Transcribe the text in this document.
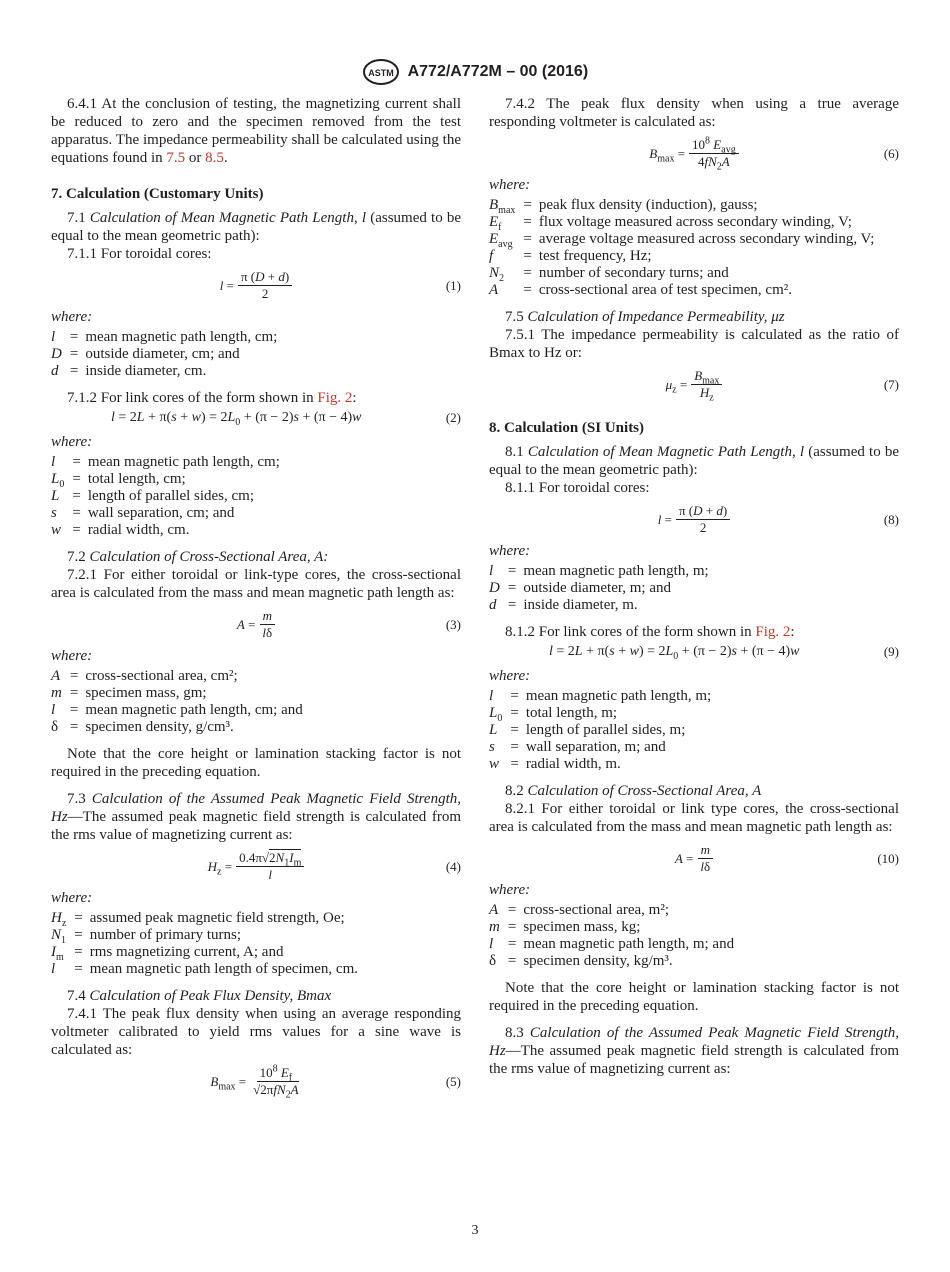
ASTM A772/A772M – 00 (2016)

6.4.1 At the conclusion of testing, the magnetizing current shall be reduced to zero and the specimen removed from the test apparatus. The impedance permeability shall be calculated using the equations found in 7.5 or 8.5.

7. Calculation (Customary Units)

7.1 Calculation of Mean Magnetic Path Length, l (assumed to be equal to the mean geometric path):

7.1.1 For toroidal cores:

$l = \frac{\pi (D + d)}{2}$	(1)
where:
l	=	mean magnetic path length, cm;
D	=	outside diameter, cm; and
d	=	inside diameter, cm.

7.1.2 For link cores of the form shown in Fig. 2:

$l = 2L + \pi(s + w) = 2L_0 + (\pi - 2)s + (\pi - 4)w$	(2)
where:
l	=	mean magnetic path length, cm;
$L_0$	=	total length, cm;
L	=	length of parallel sides, cm;
s	=	wall separation, cm; and
w	=	radial width, cm.

7.2 Calculation of Cross-Sectional Area, A:

7.2.1 For either toroidal or link-type cores, the cross-sectional area is calculated from the mass and mean magnetic path length as:

$A = \frac{m}{l\delta}$	(3)
where:
A	=	cross-sectional area, cm²;
m	=	specimen mass, gm;
l	=	mean magnetic path length, cm; and
δ	=	specimen density, g/cm³.

Note that the core height or lamination stacking factor is not required in the preceding equation.

7.3 Calculation of the Assumed Peak Magnetic Field Strength, Hz—The assumed peak magnetic field strength is calculated from the rms value of magnetizing current as:

$H_z = \frac{0.4\pi√2N_1I_m}{l}$	(4)
where:
$H_z$	=	assumed peak magnetic field strength, Oe;
$N_1$	=	number of primary turns;
$I_m$	=	rms magnetizing current, A; and
l	=	mean magnetic path length of specimen, cm.

7.4 Calculation of Peak Flux Density, Bmax

7.4.1 The peak flux density when using an average responding voltmeter calibrated to yield rms values for a sine wave is calculated as:

$B_{max} = \frac{10^8 E_f}{√2\pi fN_2A}$	(5)

7.4.2 The peak flux density when using a true average responding voltmeter is calculated as:

$B_{max} = \frac{10^8 E_{avg}}{4fN_2A}$	(6)
where:
$B_{max}$	=	peak flux density (induction), gauss;
$E_f$	=	flux voltage measured across secondary winding, V;
$E_{avg}$	=	average voltage measured across secondary winding, V;
f	=	test frequency, Hz;
$N_2$	=	number of secondary turns; and
A	=	cross-sectional area of test specimen, cm².

7.5 Calculation of Impedance Permeability, μz

7.5.1 The impedance permeability is calculated as the ratio of Bmax to Hz or:

$\mu_z = \frac{B_{max}}{H_z}$	(7)
8. Calculation (SI Units)

8.1 Calculation of Mean Magnetic Path Length, l (assumed to be equal to the mean geometric path):

8.1.1 For toroidal cores:

$l = \frac{\pi (D + d)}{2}$	(8)
where:
l	=	mean magnetic path length, m;
D	=	outside diameter, m; and
d	=	inside diameter, m.

8.1.2 For link cores of the form shown in Fig. 2:

$l = 2L + \pi(s + w) = 2L_0 + (\pi - 2)s + (\pi - 4)w$	(9)
where:
l	=	mean magnetic path length, m;
$L_0$	=	total length, m;
L	=	length of parallel sides, m;
s	=	wall separation, m; and
w	=	radial width, m.

8.2 Calculation of Cross-Sectional Area, A

8.2.1 For either toroidal or link type cores, the cross-sectional area is calculated from the mass and mean magnetic path length as:

$A = \frac{m}{l\delta}$	(10)
where:
A	=	cross-sectional area, m²;
m	=	specimen mass, kg;
l	=	mean magnetic path length, m; and
δ	=	specimen density, kg/m³.

Note that the core height or lamination stacking factor is not required in the preceding equation.

8.3 Calculation of the Assumed Peak Magnetic Field Strength, Hz—The assumed peak magnetic field strength is calculated from the rms value of magnetizing current as:

3
